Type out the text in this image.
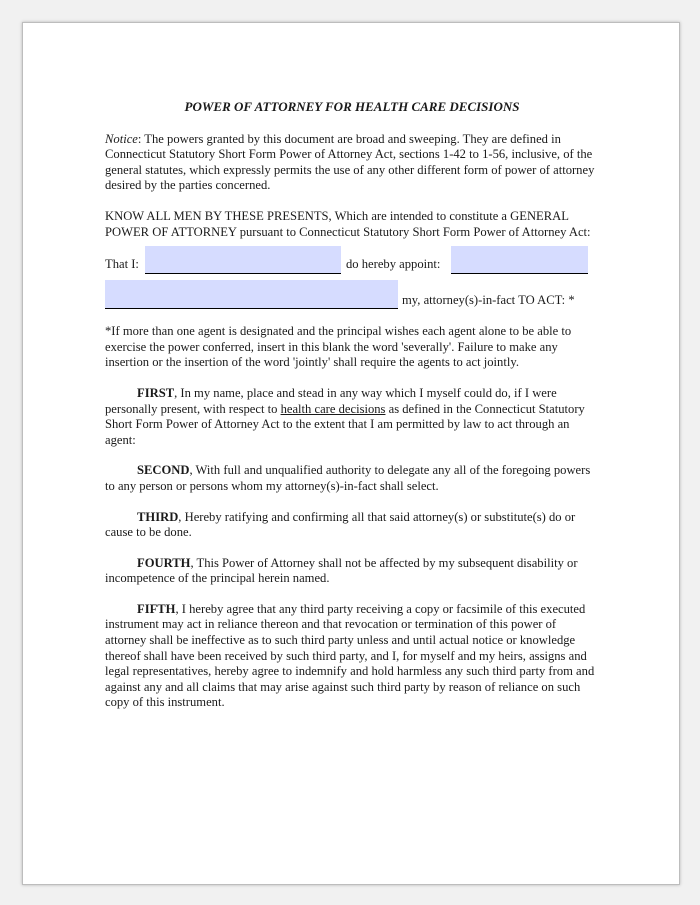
POWER OF ATTORNEY FOR HEALTH CARE DECISIONS

Notice: The powers granted by this document are broad and sweeping. They are defined in Connecticut Statutory Short Form Power of Attorney Act, sections 1-42 to 1-56, inclusive, of the general statutes, which expressly permits the use of any other different form of power of attorney desired by the parties concerned.

KNOW ALL MEN BY THESE PRESENTS, Which are intended to constitute a GENERAL POWER OF ATTORNEY pursuant to Connecticut Statutory Short Form Power of Attorney Act:

That I:	do hereby appoint:
my, attorney(s)-in-fact TO ACT: *

*If more than one agent is designated and the principal wishes each agent alone to be able to exercise the power conferred, insert in this blank the word 'severally'. Failure to make any insertion or the insertion of the word 'jointly' shall require the agents to act jointly.

FIRST, In my name, place and stead in any way which I myself could do, if I were personally present, with respect to health care decisions as defined in the Connecticut Statutory Short Form Power of Attorney Act to the extent that I am permitted by law to act through an agent:

SECOND, With full and unqualified authority to delegate any all of the foregoing powers to any person or persons whom my attorney(s)-in-fact shall select.

THIRD, Hereby ratifying and confirming all that said attorney(s) or substitute(s) do or cause to be done.

FOURTH, This Power of Attorney shall not be affected by my subsequent disability or incompetence of the principal herein named.

FIFTH, I hereby agree that any third party receiving a copy or facsimile of this executed instrument may act in reliance thereon and that revocation or termination of this power of attorney shall be ineffective as to such third party unless and until actual notice or knowledge thereof shall have been received by such third party, and I, for myself and my heirs, assigns and legal representatives, hereby agree to indemnify and hold harmless any such third party from and against any and all claims that may arise against such third party by reason of reliance on such copy of this instrument.
